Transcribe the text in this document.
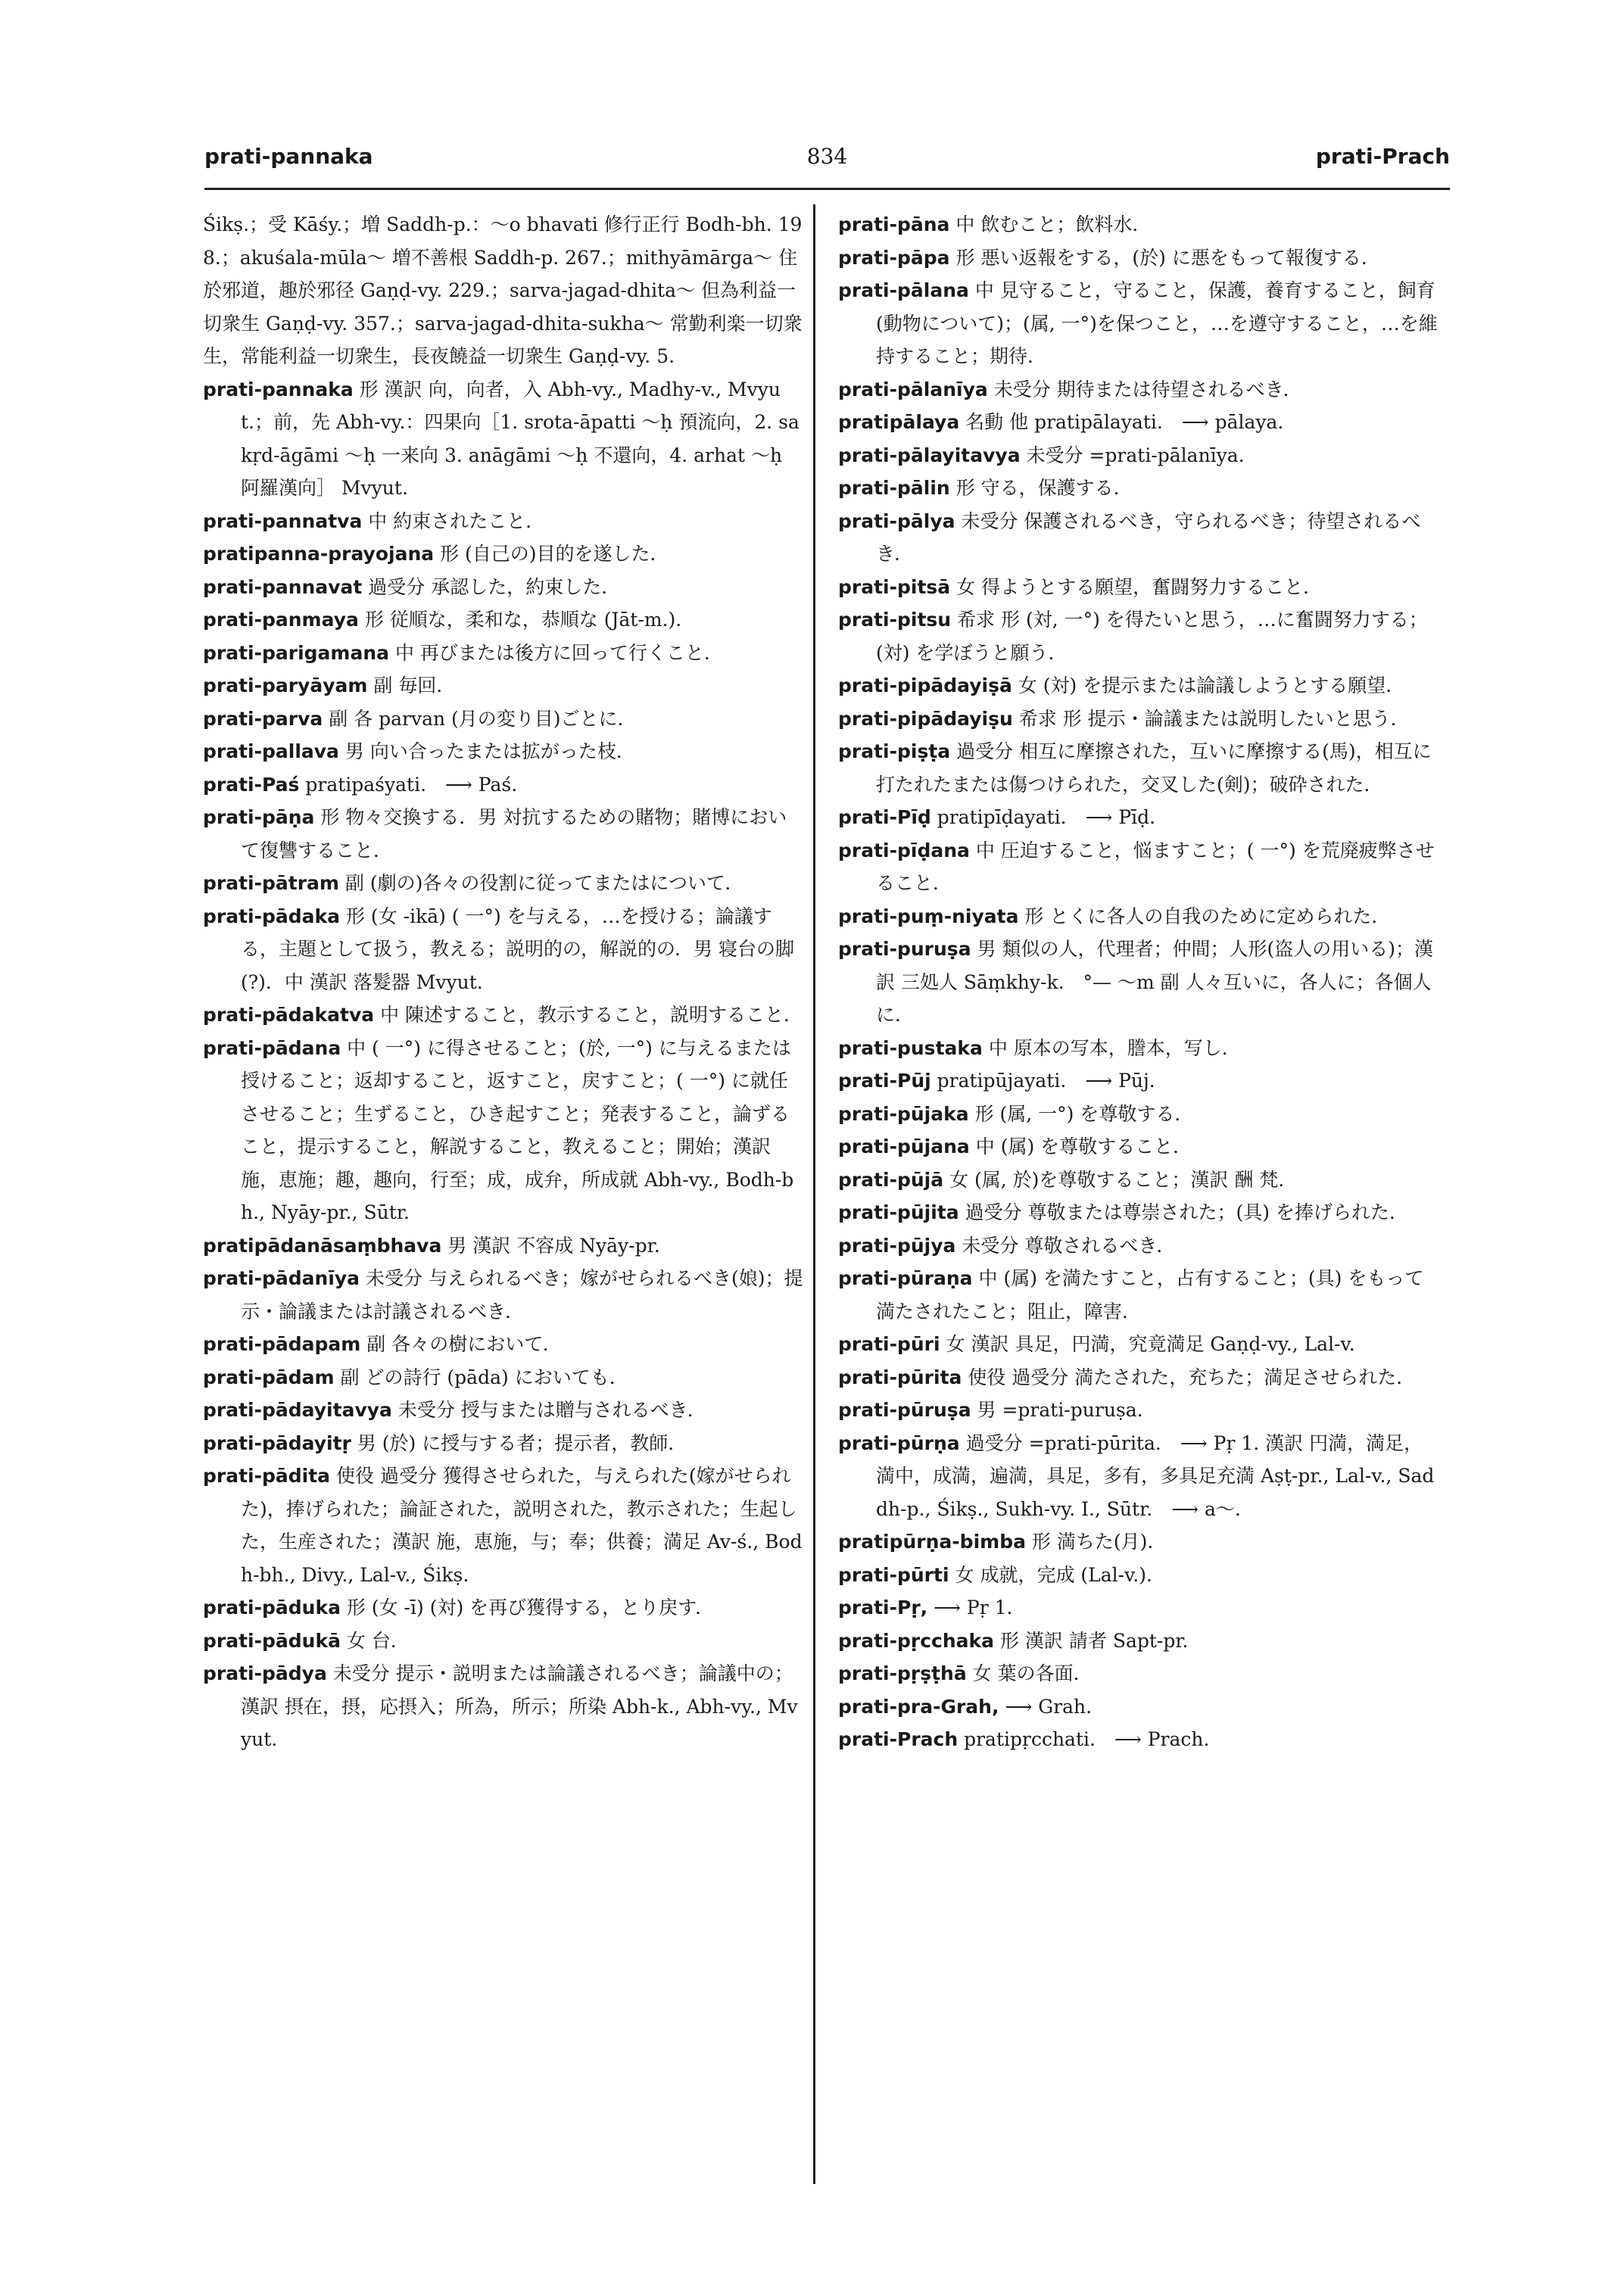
prati-pannaka	834	prati-Prach

Śikṣ.；受 Kāśy.；増 Saddh-p.：～o bhavati 修行正行 Bodh-bh. 198.；akuśala-mūla～ 増不善根 Saddh-p. 267.；mithyāmārga～ 住於邪道，趣於邪径 Gaṇḍ-vy. 229.；sarva-jagad-dhita～ 但為利益一切衆生 Gaṇḍ-vy. 357.；sarva-jagad-dhita-sukha～ 常勤利楽一切衆生，常能利益一切衆生，長夜饒益一切衆生 Gaṇḍ-vy. 5.

prati-pannaka 形 漢訳 向，向者，入 Abh-vy., Madhy-v., Mvyut.；前，先 Abh-vy.：四果向［1. srota-āpatti ～ḥ 預流向，2. sakṛd-āgāmi ～ḥ 一来向 3. anāgāmi ～ḥ 不還向，4. arhat ～ḥ 阿羅漢向］ Mvyut.

prati-pannatva 中 約束されたこと．

pratipanna-prayojana 形 (自己の)目的を遂した．

prati-pannavat 過受分 承認した，約束した．

prati-panmaya 形 従順な，柔和な，恭順な (Jāt-m.).

prati-parigamana 中 再びまたは後方に回って行くこと．

prati-paryāyam 副 毎回．

prati-parva 副 各 parvan (月の変り目)ごとに．

prati-pallava 男 向い合ったまたは拡がった枝．

prati-Paś pratipaśyati.　⟶ Paś.

prati-pāṇa 形 物々交換する．男 対抗するための賭物；賭博において復讐すること．

prati-pātram 副 (劇の)各々の役割に従ってまたはについて．

prati-pādaka 形 (女 -ikā) ( 一°) を与える，…を授ける；論議する，主題として扱う，教える；説明的の，解説的の．男 寝台の脚(?)．中 漢訳 落髮器 Mvyut.

prati-pādakatva 中 陳述すること，教示すること，説明すること．

prati-pādana 中 ( 一°) に得させること；(於, 一°) に与えるまたは授けること；返却すること，返すこと，戻すこと；( 一°) に就任させること；生ずること，ひき起すこと；発表すること，論ずること，提示すること，解説すること，教えること；開始；漢訳 施，恵施；趣，趣向，行至；成，成弁，所成就 Abh-vy., Bodh-bh., Nyāy-pr., Sūtr.

pratipādanāsaṃbhava 男 漢訳 不容成 Nyāy-pr.

prati-pādanīya 未受分 与えられるべき；嫁がせられるべき(娘)；提示・論議または討議されるべき．

prati-pādapam 副 各々の樹において．

prati-pādam 副 どの詩行 (pāda) においても．

prati-pādayitavya 未受分 授与または贈与されるべき．

prati-pādayitṛ 男 (於) に授与する者；提示者，教師．

prati-pādita 使役 過受分 獲得させられた，与えられた(嫁がせられた)，捧げられた；論証された，説明された，教示された；生起した，生産された；漢訳 施，恵施，与；奉；供養；満足 Av-ś., Bodh-bh., Divy., Lal-v., Śikṣ.

prati-pāduka 形 (女 -ī) (対) を再び獲得する，とり戻す．

prati-pādukā 女 台．

prati-pādya 未受分 提示・説明または論議されるべき；論議中の；漢訳 摂在，摂，応摂入；所為，所示；所染 Abh-k., Abh-vy., Mvyut.

prati-pāna 中 飲むこと；飲料水．

prati-pāpa 形 悪い返報をする，(於) に悪をもって報復する．

prati-pālana 中 見守ること，守ること，保護，養育すること，飼育(動物について)；(属, 一°)を保つこと，…を遵守すること，…を維持すること；期待．

prati-pālanīya 未受分 期待または待望されるべき．

pratipālaya 名動 他 pratipālayati.　⟶ pālaya.

prati-pālayitavya 未受分 =prati-pālanīya.

prati-pālin 形 守る，保護する．

prati-pālya 未受分 保護されるべき，守られるべき；待望されるべき．

prati-pitsā 女 得ようとする願望，奮闘努力すること．

prati-pitsu 希求 形 (対, 一°) を得たいと思う，…に奮闘努力する；(対) を学ぼうと願う．

prati-pipādayiṣā 女 (対) を提示または論議しようとする願望．

prati-pipādayiṣu 希求 形 提示・論議または説明したいと思う．

prati-piṣṭa 過受分 相互に摩擦された，互いに摩擦する(馬)，相互に打たれたまたは傷つけられた，交叉した(剣)；破砕された．

prati-Pīḍ pratipīḍayati.　⟶ Pīḍ.

prati-pīḍana 中 圧迫すること，悩ますこと；( 一°) を荒廃疲弊させること．

prati-puṃ-niyata 形 とくに各人の自我のために定められた．

prati-puruṣa 男 類似の人，代理者；仲間；人形(盗人の用いる)；漢訳 三処人 Sāṃkhy-k.　°— ～m 副 人々互いに，各人に；各個人に．

prati-pustaka 中 原本の写本，謄本，写し．

prati-Pūj pratipūjayati.　⟶ Pūj.

prati-pūjaka 形 (属, 一°) を尊敬する．

prati-pūjana 中 (属) を尊敬すること．

prati-pūjā 女 (属, 於)を尊敬すること；漢訳 酬 梵．

prati-pūjita 過受分 尊敬または尊崇された；(具) を捧げられた．

prati-pūjya 未受分 尊敬されるべき．

prati-pūraṇa 中 (属) を満たすこと，占有すること；(具) をもって満たされたこと；阻止，障害．

prati-pūri 女 漢訳 具足，円満，究竟満足 Gaṇḍ-vy., Lal-v.

prati-pūrita 使役 過受分 満たされた，充ちた；満足させられた．

prati-pūruṣa 男 =prati-puruṣa.

prati-pūrṇa 過受分 =prati-pūrita.　⟶ Pṛ 1. 漢訳 円満，満足，満中，成満，遍満，具足，多有，多具足充満 Aṣṭ-pr., Lal-v., Saddh-p., Śikṣ., Sukh-vy. I., Sūtr.　⟶ a～.

pratipūrṇa-bimba 形 満ちた(月)．

prati-pūrti 女 成就，完成 (Lal-v.).

prati-Pṛ, ⟶ Pṛ 1.

prati-pṛcchaka 形 漢訳 請者 Sapt-pr.

prati-pṛṣṭhā 女 葉の各面．

prati-pra-Grah, ⟶ Grah.

prati-Prach pratipṛcchati.　⟶ Prach.
